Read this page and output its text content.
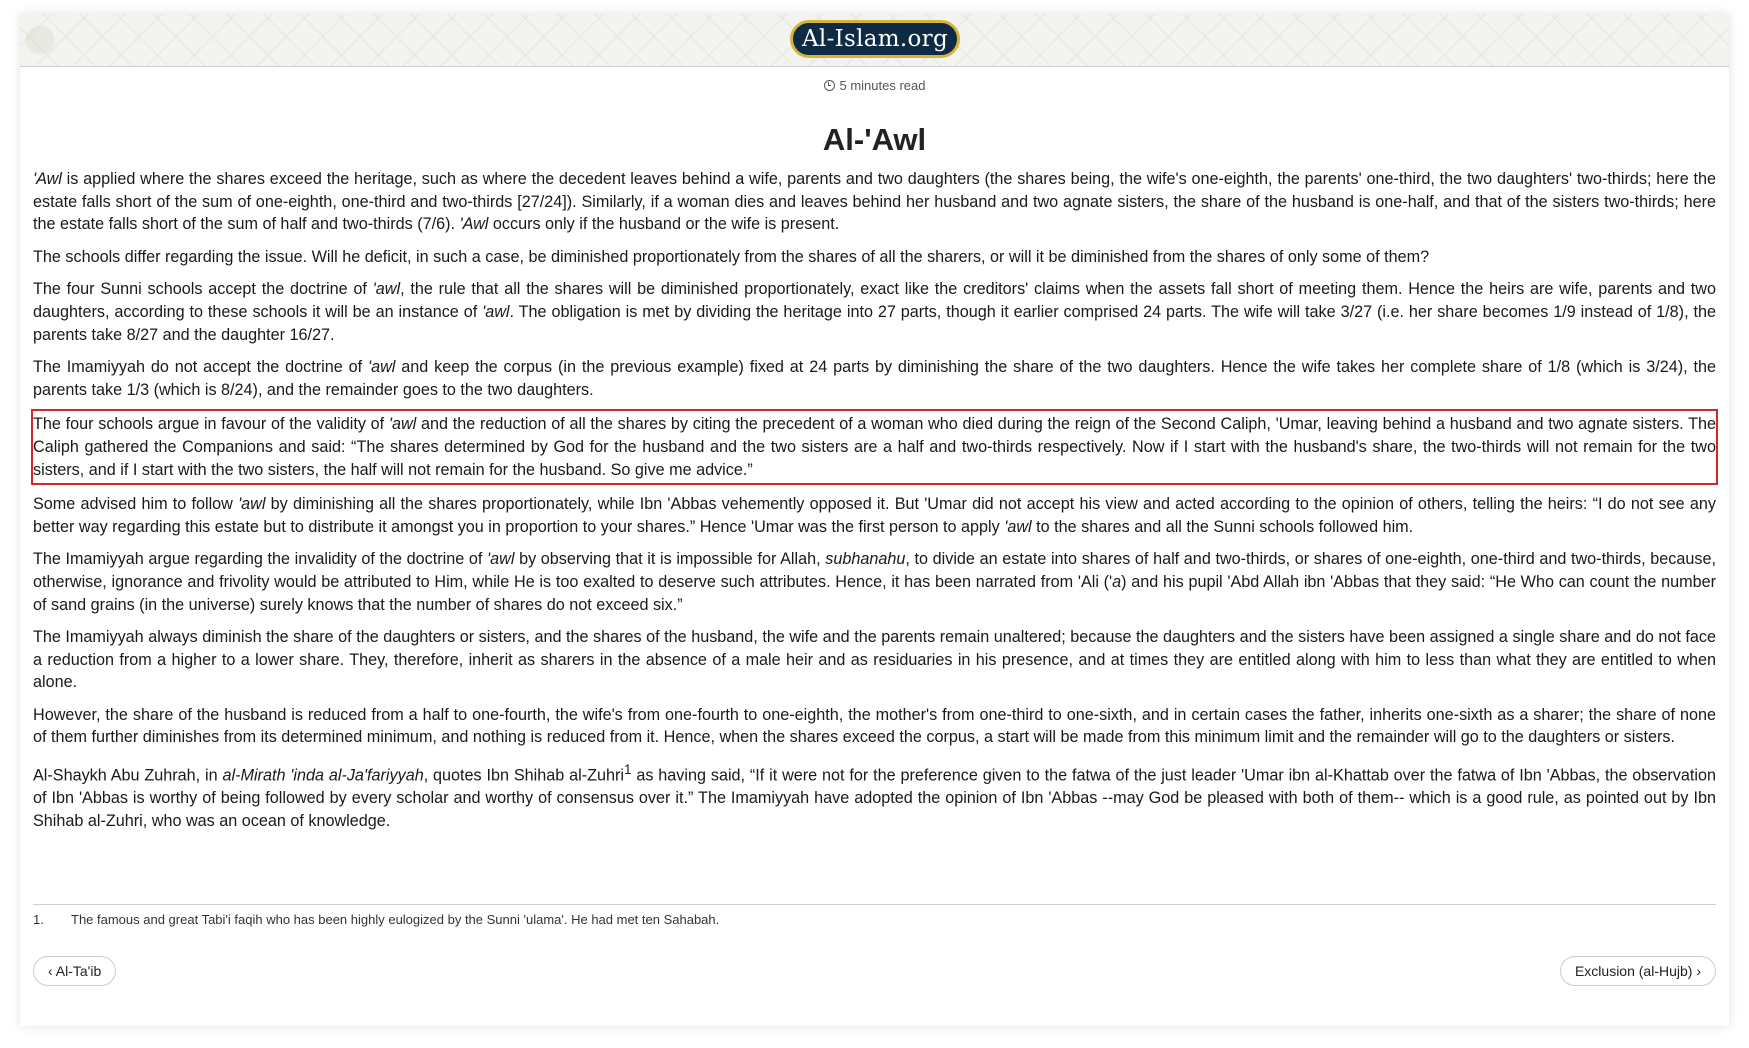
Al-Islam.org
5 minutes read
Al-'Awl

'Awl is applied where the shares exceed the heritage, such as where the decedent leaves behind a wife, parents and two daughters (the shares being, the wife's one-eighth, the parents' one-third, the two daughters' two-thirds; here the estate falls short of the sum of one-eighth, one-third and two-thirds [27/24]). Similarly, if a woman dies and leaves behind her husband and two agnate sisters, the share of the husband is one-half, and that of the sisters two-thirds; here the estate falls short of the sum of half and two-thirds (7/6). 'Awl occurs only if the husband or the wife is present.

The schools differ regarding the issue. Will he deficit, in such a case, be diminished proportionately from the shares of all the sharers, or will it be diminished from the shares of only some of them?

The four Sunni schools accept the doctrine of 'awl, the rule that all the shares will be diminished proportionately, exact like the creditors' claims when the assets fall short of meeting them. Hence the heirs are wife, parents and two daughters, according to these schools it will be an instance of 'awl. The obligation is met by dividing the heritage into 27 parts, though it earlier comprised 24 parts. The wife will take 3/27 (i.e. her share becomes 1/9 instead of 1/8), the parents take 8/27 and the daughter 16/27.

The Imamiyyah do not accept the doctrine of 'awl and keep the corpus (in the previous example) fixed at 24 parts by diminishing the share of the two daughters. Hence the wife takes her complete share of 1/8 (which is 3/24), the parents take 1/3 (which is 8/24), and the remainder goes to the two daughters.

The four schools argue in favour of the validity of 'awl and the reduction of all the shares by citing the precedent of a woman who died during the reign of the Second Caliph, 'Umar, leaving behind a husband and two agnate sisters. The Caliph gathered the Companions and said: “The shares determined by God for the husband and the two sisters are a half and two-thirds respectively. Now if I start with the husband's share, the two-thirds will not remain for the two sisters, and if I start with the two sisters, the half will not remain for the husband. So give me advice.”

Some advised him to follow 'awl by diminishing all the shares proportionately, while Ibn 'Abbas vehemently opposed it. But 'Umar did not accept his view and acted according to the opinion of others, telling the heirs: “I do not see any better way regarding this estate but to distribute it amongst you in proportion to your shares.” Hence 'Umar was the first person to apply 'awl to the shares and all the Sunni schools followed him.

The Imamiyyah argue regarding the invalidity of the doctrine of 'awl by observing that it is impossible for Allah, subhanahu, to divide an estate into shares of half and two-thirds, or shares of one-eighth, one-third and two-thirds, because, otherwise, ignorance and frivolity would be attributed to Him, while He is too exalted to deserve such attributes. Hence, it has been narrated from 'Ali ('a) and his pupil 'Abd Allah ibn 'Abbas that they said: “He Who can count the number of sand grains (in the universe) surely knows that the number of shares do not exceed six.”

The Imamiyyah always diminish the share of the daughters or sisters, and the shares of the husband, the wife and the parents remain unaltered; because the daughters and the sisters have been assigned a single share and do not face a reduction from a higher to a lower share. They, therefore, inherit as sharers in the absence of a male heir and as residuaries in his presence, and at times they are entitled along with him to less than what they are entitled to when alone.

However, the share of the husband is reduced from a half to one-fourth, the wife's from one-fourth to one-eighth, the mother's from one-third to one-sixth, and in certain cases the father, inherits one-sixth as a sharer; the share of none of them further diminishes from its determined minimum, and nothing is reduced from it. Hence, when the shares exceed the corpus, a start will be made from this minimum limit and the remainder will go to the daughters or sisters.

Al-Shaykh Abu Zuhrah, in al-Mirath 'inda al-Ja'fariyyah, quotes Ibn Shihab al-Zuhri$^1$ as having said, “If it were not for the preference given to the fatwa of the just leader 'Umar ibn al-Khattab over the fatwa of Ibn 'Abbas, the observation of Ibn 'Abbas is worthy of being followed by every scholar and worthy of consensus over it.” The Imamiyyah have adopted the opinion of Ibn 'Abbas --may God be pleased with both of them-- which is a good rule, as pointed out by Ibn Shihab al-Zuhri, who was an ocean of knowledge.

1.	The famous and great Tabi'i faqih who has been highly eulogized by the Sunni 'ulama'. He had met ten Sahabah.
‹ Al-Ta'ib	Exclusion (al-Hujb) ›
